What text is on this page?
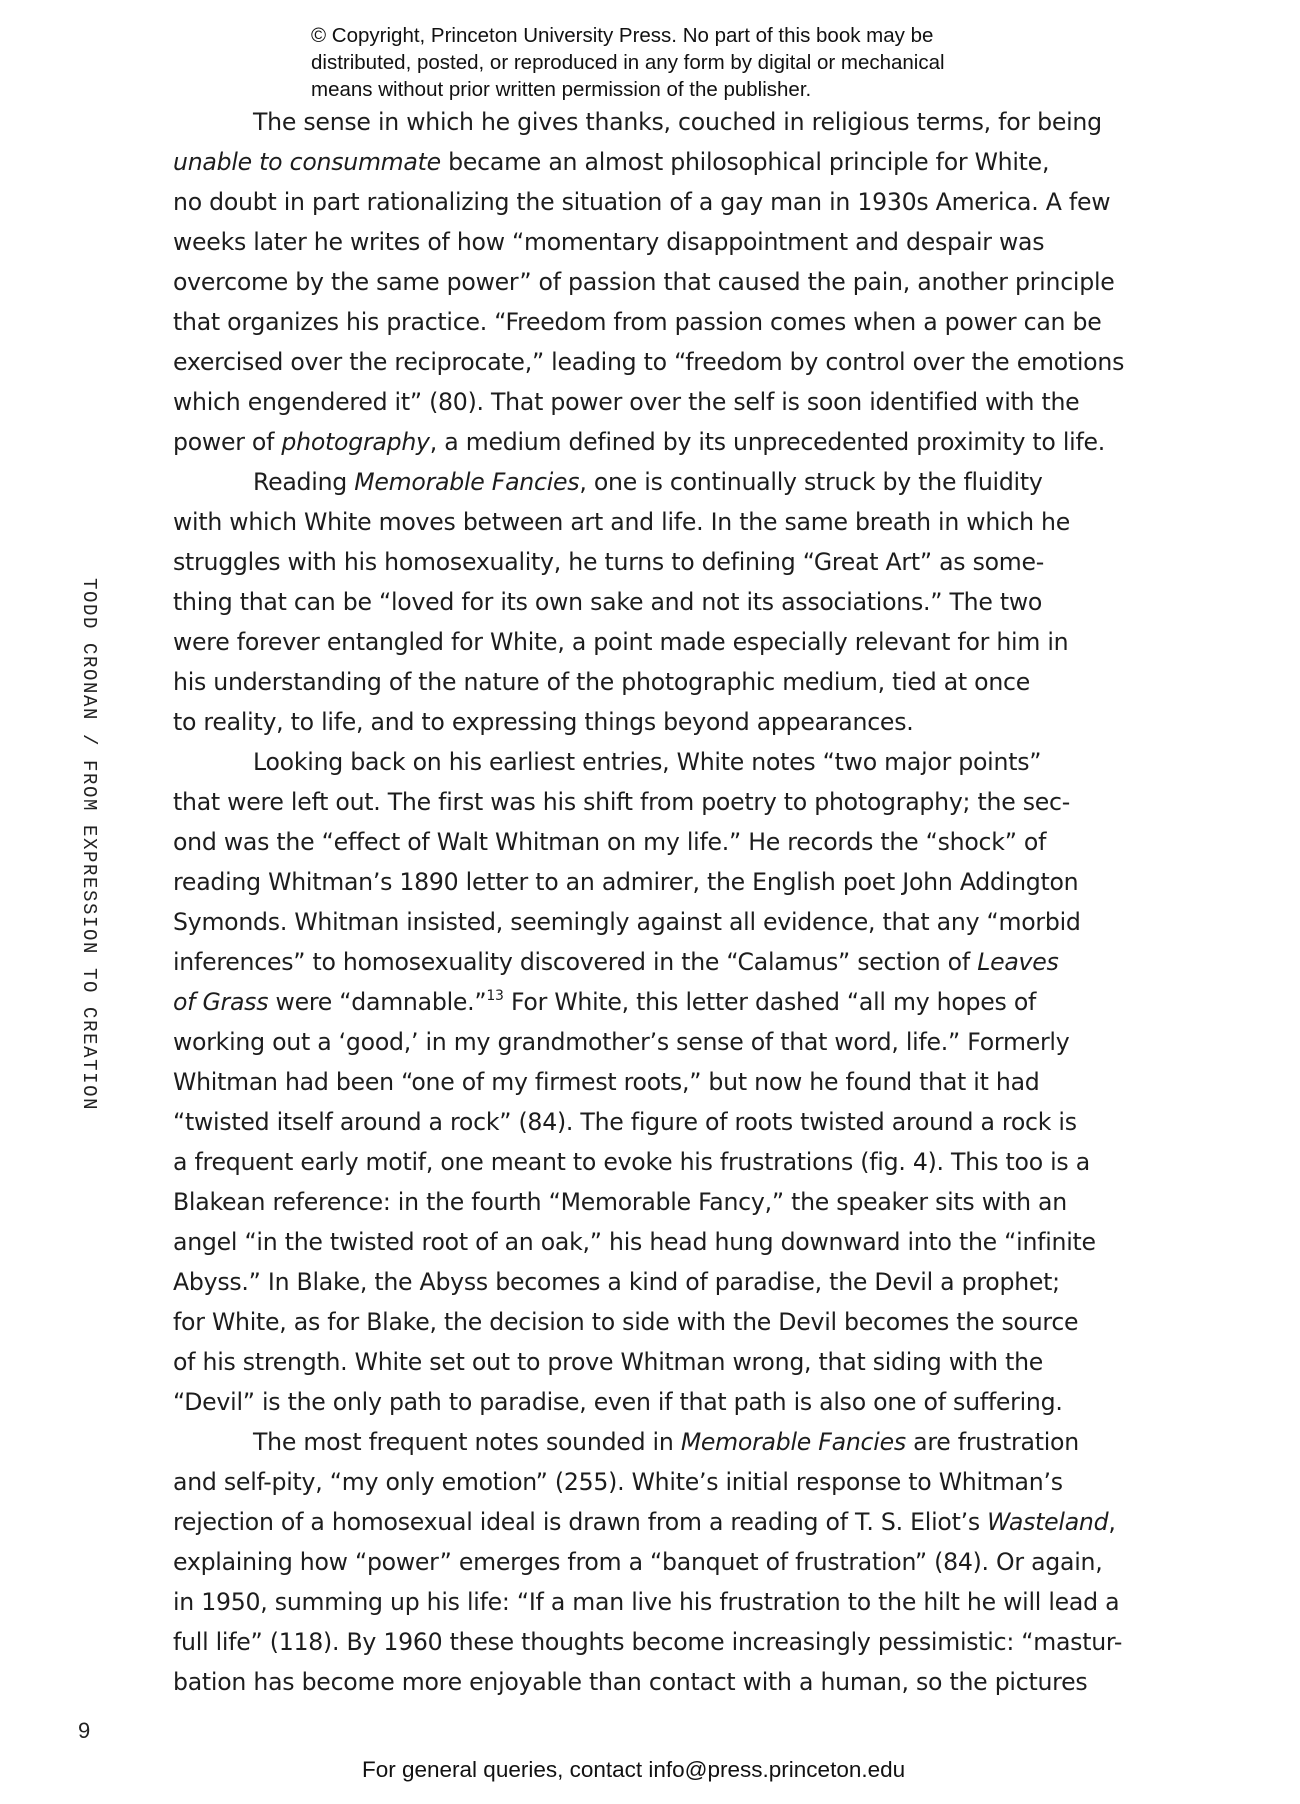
© Copyright, Princeton University Press. No part of this book may be
distributed, posted, or reproduced in any form by digital or mechanical
means without prior written permission of the publisher.
The sense in which he gives thanks, couched in religious terms, for being
unable to consummate became an almost philosophical principle for White,
no doubt in part rationalizing the situation of a gay man in 1930s America. A few
weeks later he writes of how “momentary disappointment and despair was
overcome by the same power” of passion that caused the pain, another principle
that organizes his practice. “Freedom from passion comes when a power can be
exercised over the reciprocate,” leading to “freedom by control over the emotions
which engendered it” (80). That power over the self is soon identified with the
power of photography, a medium defined by its unprecedented proximity to life.
Reading Memorable Fancies, one is continually struck by the fluidity
with which White moves between art and life. In the same breath in which he
struggles with his homosexuality, he turns to defining “Great Art” as some-
thing that can be “loved for its own sake and not its associations.” The two
were forever entangled for White, a point made especially relevant for him in
his understanding of the nature of the photographic medium, tied at once
to reality, to life, and to expressing things beyond appearances.
Looking back on his earliest entries, White notes “two major points”
that were left out. The first was his shift from poetry to photography; the sec-
ond was the “effect of Walt Whitman on my life.” He records the “shock” of
reading Whitman’s 1890 letter to an admirer, the English poet John Addington
Symonds. Whitman insisted, seemingly against all evidence, that any “morbid
inferences” to homosexuality discovered in the “Calamus” section of Leaves
of Grass were “damnable.”$^{13}$ For White, this letter dashed “all my hopes of
working out a ‘good,’ in my grandmother’s sense of that word, life.” Formerly
Whitman had been “one of my firmest roots,” but now he found that it had
“twisted itself around a rock” (84). The figure of roots twisted around a rock is
a frequent early motif, one meant to evoke his frustrations (fig. 4). This too is a
Blakean reference: in the fourth “Memorable Fancy,” the speaker sits with an
angel “in the twisted root of an oak,” his head hung downward into the “infinite
Abyss.” In Blake, the Abyss becomes a kind of paradise, the Devil a prophet;
for White, as for Blake, the decision to side with the Devil becomes the source
of his strength. White set out to prove Whitman wrong, that siding with the
“Devil” is the only path to paradise, even if that path is also one of suffering.
The most frequent notes sounded in Memorable Fancies are frustration
and self-pity, “my only emotion” (255). White’s initial response to Whitman’s
rejection of a homosexual ideal is drawn from a reading of T. S. Eliot’s Wasteland,
explaining how “power” emerges from a “banquet of frustration” (84). Or again,
in 1950, summing up his life: “If a man live his frustration to the hilt he will lead a
full life” (118). By 1960 these thoughts become increasingly pessimistic: “mastur-
bation has become more enjoyable than contact with a human, so the pictures
TODD CRONAN / FROM EXPRESSION TO CREATION
9
For general queries, contact info@press.princeton.edu
